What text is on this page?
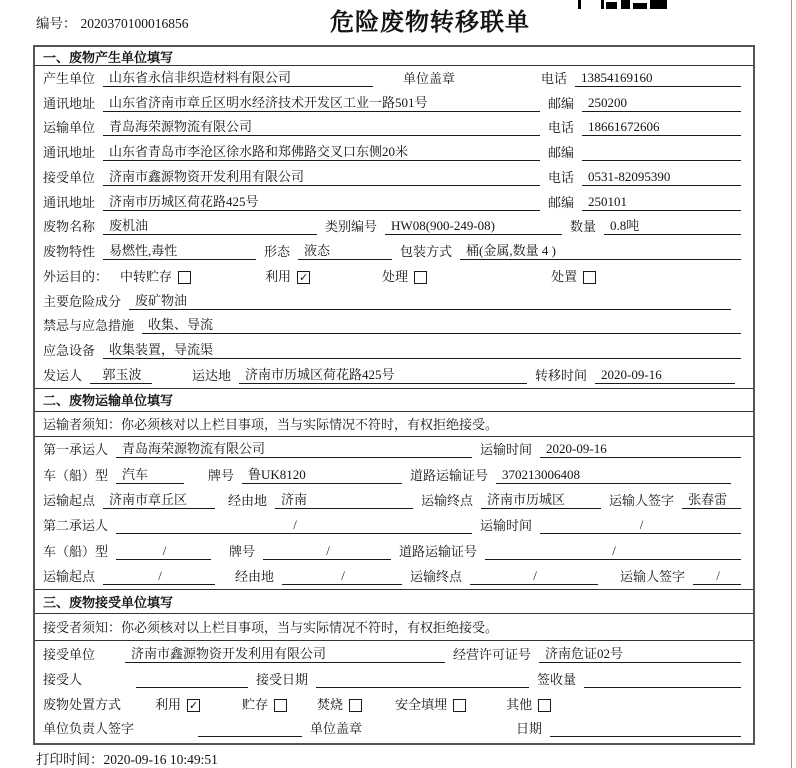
编号： 2020370100016856	危险废物转移联单
一、废物产生单位填写
产生单位	山东省永信非织造材料有限公司	单位盖章	电话	13854169160
通讯地址	山东省济南市章丘区明水经济技术开发区工业一路501号	邮编	250200
运输单位	青岛海荣源物流有限公司	电话	18661672606
通讯地址	山东省青岛市李沧区徐水路和郑佛路交叉口东侧20米	邮编
接受单位	济南市鑫源物资开发利用有限公司	电话	0531-82095390
通讯地址	济南市历城区荷花路425号	邮编	250101
废物名称	废机油	类别编号	HW08(900-249-08)	数量	0.8吨
废物特性	易燃性,毒性	形态	液态	包装方式	桶(金属,数量 4 )
外运目的： 中转贮存	利用 ✓	处理	处置
主要危险成分	废矿物油
禁忌与应急措施	收集、导流
应急设备	收集装置，导流渠
发运人	郭玉波	运达地	济南市历城区荷花路425号	转移时间	2020-09-16
二、废物运输单位填写
运输者须知：你必须核对以上栏目事项，当与实际情况不符时，有权拒绝接受。
第一承运人	青岛海荣源物流有限公司	运输时间	2020-09-16
车（船）型	汽车	牌号	鲁UK8120	道路运输证号	370213006408
运输起点	济南市章丘区	经由地	济南	运输终点	济南市历城区	运输人签字	张春雷
第二承运人	/	运输时间	/
车（船）型	/	牌号	/	道路运输证号	/
运输起点	/	经由地	/	运输终点	/	运输人签字	/
三、废物接受单位填写
接受者须知：你必须核对以上栏目事项，当与实际情况不符时，有权拒绝接受。
接受单位	济南市鑫源物资开发利用有限公司	经营许可证号	济南危证02号
接受人	接受日期	签收量
废物处置方式	利用 ✓	贮存	焚烧	安全填埋	其他
单位负责人签字	单位盖章	日期
打印时间：2020-09-16 10:49:51
